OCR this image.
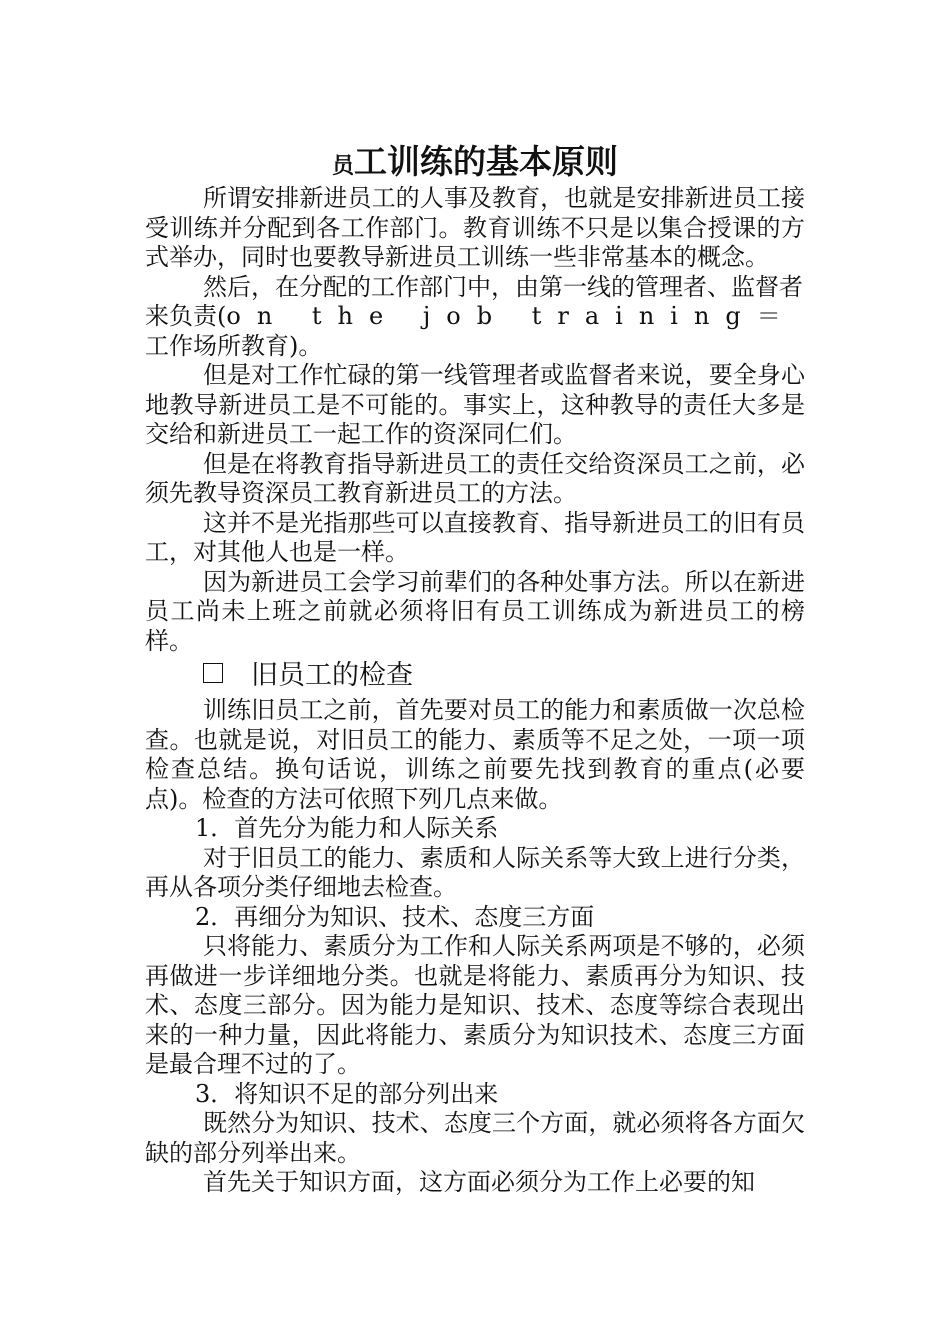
员工训练的基本原则

所谓安排新进员工的人事及教育，也就是安排新进员工接受训练并分配到各工作部门。教育训练不只是以集合授课的方式举办，同时也要教导新进员工训练一些非常基本的概念。

然后，在分配的工作部门中，由第一线的管理者、监督者来负责(on the job training＝工作场所教育)。

但是对工作忙碌的第一线管理者或监督者来说，要全身心地教导新进员工是不可能的。事实上，这种教导的责任大多是交给和新进员工一起工作的资深同仁们。

但是在将教育指导新进员工的责任交给资深员工之前，必须先教导资深员工教育新进员工的方法。

这并不是光指那些可以直接教育、指导新进员工的旧有员工，对其他人也是一样。

因为新进员工会学习前辈们的各种处事方法。所以在新进员工尚未上班之前就必须将旧有员工训练成为新进员工的榜样。

旧员工的检查

训练旧员工之前，首先要对员工的能力和素质做一次总检查。也就是说，对旧员工的能力、素质等不足之处，一项一项检查总结。换句话说，训练之前要先找到教育的重点(必要点)。检查的方法可依照下列几点来做。

1．首先分为能力和人际关系

对于旧员工的能力、素质和人际关系等大致上进行分类，再从各项分类仔细地去检查。

2．再细分为知识、技术、态度三方面

只将能力、素质分为工作和人际关系两项是不够的，必须再做进一步详细地分类。也就是将能力、素质再分为知识、技术、态度三部分。因为能力是知识、技术、态度等综合表现出来的一种力量，因此将能力、素质分为知识技术、态度三方面是最合理不过的了。

3．将知识不足的部分列出来

既然分为知识、技术、态度三个方面，就必须将各方面欠缺的部分列举出来。

首先关于知识方面，这方面必须分为工作上必要的知
